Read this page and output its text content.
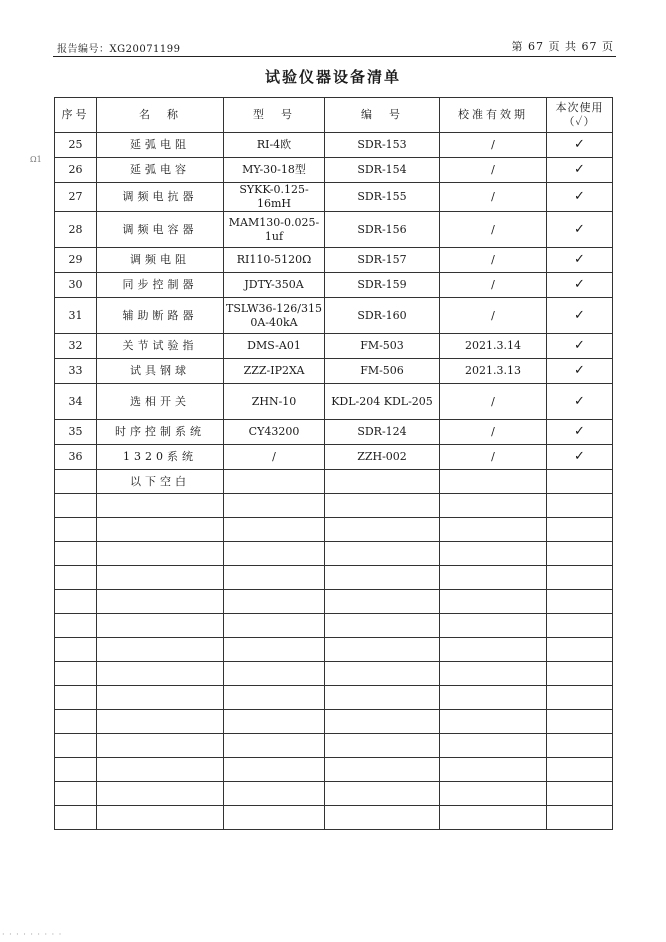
报告编号：XG20071199	第 67 页 共 67 页
试验仪器设备清单
Ω1
· · · · · · · · ·
序号	名　称	型　号	编　号	校准有效期	本次使用
（✓）

25	延弧电阻	RI-4欧	SDR-153	/	✓
26	延弧电容	MY-30-18型	SDR-154	/	✓
27	调频电抗器	SYKK-0.125-16mH	SDR-155	/	✓
28	调频电容器	MAM130-0.025-1uf	SDR-156	/	✓
29	调频电阻	RI110-5120Ω	SDR-157	/	✓
30	同步控制器	JDTY-350A	SDR-159	/	✓
31	辅助断路器	TSLW36-126/3150A-40kA	SDR-160	/	✓
32	关节试验指	DMS-A01	FM-503	2021.3.14	✓
33	试具钢球	ZZZ-IP2XA	FM-506	2021.3.13	✓
34	选相开关	ZHN-10	KDL-204 KDL-205	/	✓
35	时序控制系统	CY43200	SDR-124	/	✓
36	1320系统	/	ZZH-002	/	✓
	以下空白				
